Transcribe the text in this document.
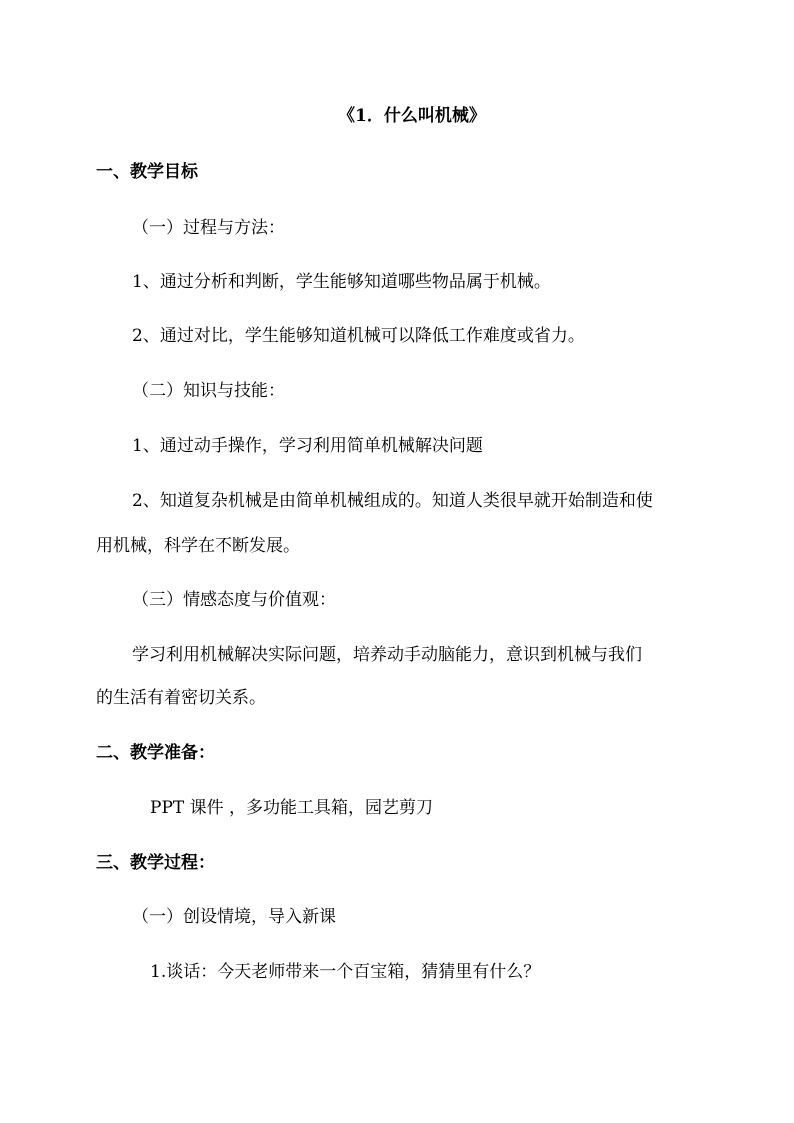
《1．什么叫机械》
一、教学目标
（一）过程与方法：
1、通过分析和判断，学生能够知道哪些物品属于机械。
2、通过对比，学生能够知道机械可以降低工作难度或省力。
（二）知识与技能：
1、通过动手操作，学习利用简单机械解决问题
2、知道复杂机械是由简单机械组成的。知道人类很早就开始制造和使
用机械，科学在不断发展。
（三）情感态度与价值观：
学习利用机械解决实际问题，培养动手动脑能力，意识到机械与我们
的生活有着密切关系。
二、教学准备：
PPT 课件 ，多功能工具箱，园艺剪刀
三、教学过程：
（一）创设情境，导入新课
1.谈话：今天老师带来一个百宝箱，猜猜里有什么？
